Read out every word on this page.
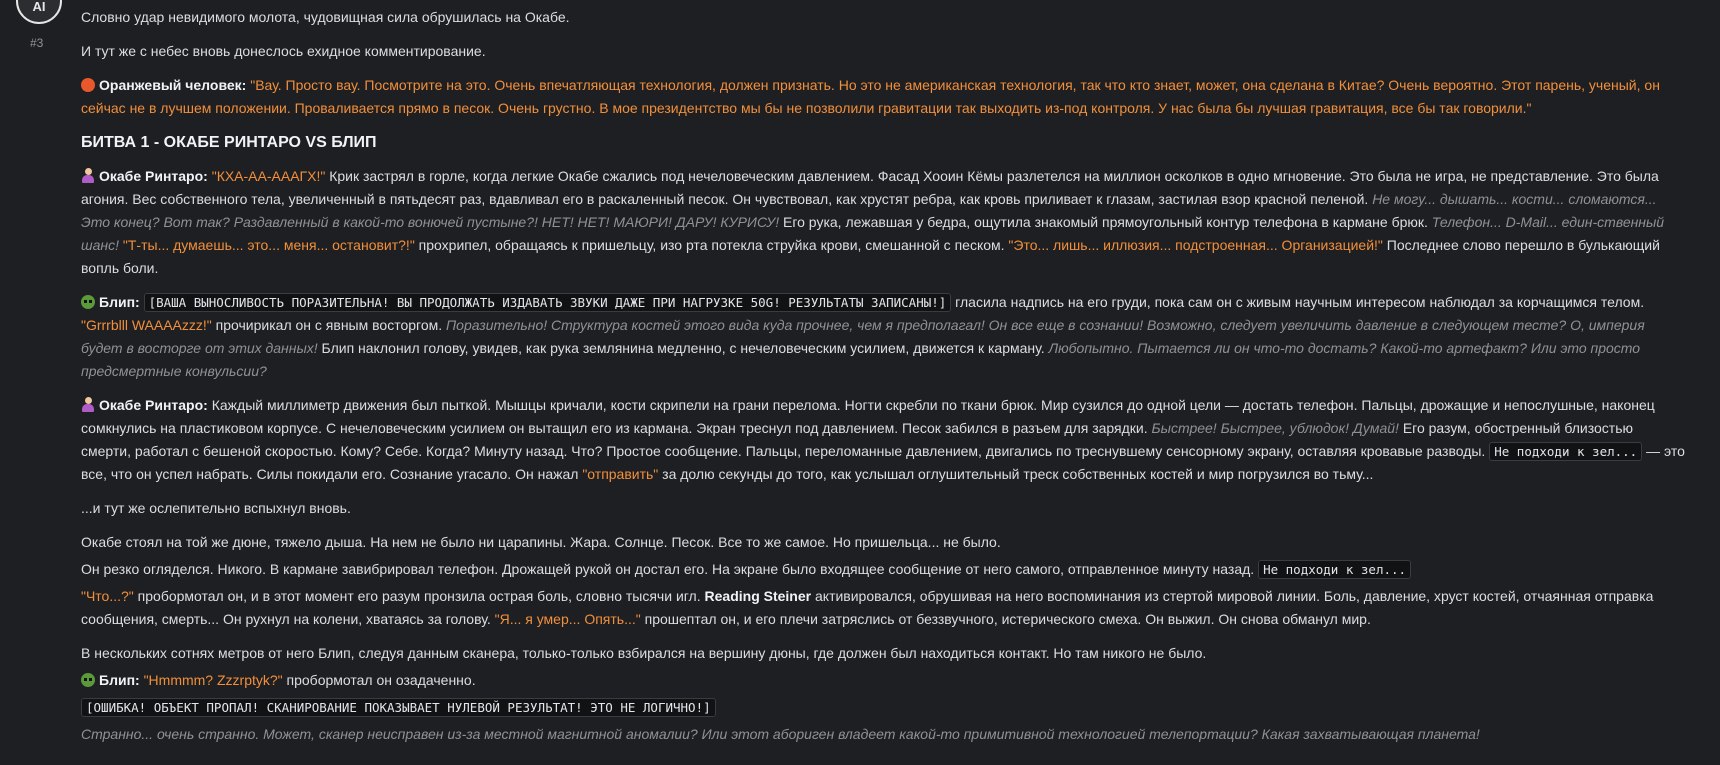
AI
#3

Словно удар невидимого молота, чудовищная сила обрушилась на Окабе.

И тут же с небес вновь донеслось ехидное комментирование.

Оранжевый человек: "Вау. Просто вау. Посмотрите на это. Очень впечатляющая технология, должен признать. Но это не американская технология, так что кто знает, может, она сделана в Китае? Очень вероятно. Этот парень, ученый, он сейчас не в лучшем положении. Проваливается прямо в песок. Очень грустно. В мое президентство мы бы не позволили гравитации так выходить из-под контроля. У нас была бы лучшая гравитация, все бы так говорили."

БИТВА 1 - ОКАБЕ РИНТАРО VS БЛИП

Окабе Ринтаро: "КХА-АА-АААГХ!" Крик застрял в горле, когда легкие Окабе сжались под нечеловеческим давлением. Фасад Хооин Кёмы разлетелся на миллион осколков в одно мгновение. Это была не игра, не представление. Это была агония. Вес собственного тела, увеличенный в пятьдесят раз, вдавливал его в раскаленный песок. Он чувствовал, как хрустят ребра, как кровь приливает к глазам, застилая взор красной пеленой. Не могу... дышать... кости... сломаются... Это конец? Вот так? Раздавленный в какой-то вонючей пустыне?! НЕТ! НЕТ! МАЮРИ! ДАРУ! КУРИСУ! Его рука, лежавшая у бедра, ощутила знакомый прямоугольный контур телефона в кармане брюк. Телефон... D-Mail... един-ственный шанс! "Т-ты... думаешь... это... меня... остановит?!" прохрипел, обращаясь к пришельцу, изо рта потекла струйка крови, смешанной с песком. "Это... лишь... иллюзия... подстроенная... Организацией!" Последнее слово перешло в булькающий вопль боли.

Блип: [ВАША ВЫНОСЛИВОСТЬ ПОРАЗИТЕЛЬНА! ВЫ ПРОДОЛЖАТЬ ИЗДАВАТЬ ЗВУКИ ДАЖЕ ПРИ НАГРУЗКЕ 50G! РЕЗУЛЬТАТЫ ЗАПИСАНЫ!] гласила надпись на его груди, пока сам он с живым научным интересом наблюдал за корчащимся телом. "Grrrblll WAAAAzzz!" прочирикал он с явным восторгом. Поразительно! Структура костей этого вида куда прочнее, чем я предполагал! Он все еще в сознании! Возможно, следует увеличить давление в следующем тесте? О, империя будет в восторге от этих данных! Блип наклонил голову, увидев, как рука землянина медленно, с нечеловеческим усилием, движется к карману. Любопытно. Пытается ли он что-то достать? Какой-то артефакт? Или это просто предсмертные конвульсии?

Окабе Ринтаро: Каждый миллиметр движения был пыткой. Мышцы кричали, кости скрипели на грани перелома. Ногти скребли по ткани брюк. Мир сузился до одной цели — достать телефон. Пальцы, дрожащие и непослушные, наконец сомкнулись на пластиковом корпусе. С нечеловеческим усилием он вытащил его из кармана. Экран треснул под давлением. Песок забился в разъем для зарядки. Быстрее! Быстрее, ублюдок! Думай! Его разум, обостренный близостью смерти, работал с бешеной скоростью. Кому? Себе. Когда? Минуту назад. Что? Простое сообщение. Пальцы, переломанные давлением, двигались по треснувшему сенсорному экрану, оставляя кровавые разводы. Не подходи к зел... — это все, что он успел набрать. Силы покидали его. Сознание угасало. Он нажал "отправить" за долю секунды до того, как услышал оглушительный треск собственных костей и мир погрузился во тьму...

...и тут же ослепительно вспыхнул вновь.

Окабе стоял на той же дюне, тяжело дыша. На нем не было ни царапины. Жара. Солнце. Песок. Все то же самое. Но пришельца... не было.

Он резко огляделся. Никого. В кармане завибрировал телефон. Дрожащей рукой он достал его. На экране было входящее сообщение от него самого, отправленное минуту назад. Не подходи к зел...

"Что...?" пробормотал он, и в этот момент его разум пронзила острая боль, словно тысячи игл. Reading Steiner активировался, обрушивая на него воспоминания из стертой мировой линии. Боль, давление, хруст костей, отчаянная отправка сообщения, смерть... Он рухнул на колени, хватаясь за голову. "Я... я умер... Опять..." прошептал он, и его плечи затряслись от беззвучного, истерического смеха. Он выжил. Он снова обманул мир.

В нескольких сотнях метров от него Блип, следуя данным сканера, только-только взбирался на вершину дюны, где должен был находиться контакт. Но там никого не было.

Блип: "Hmmmm? Zzzrptyk?" пробормотал он озадаченно.

[ОШИБКА! ОБЪЕКТ ПРОПАЛ! СКАНИРОВАНИЕ ПОКАЗЫВАЕТ НУЛЕВОЙ РЕЗУЛЬТАТ! ЭТО НЕ ЛОГИЧНО!]

Странно... очень странно. Может, сканер неисправен из-за местной магнитной аномалии? Или этот абориген владеет какой-то примитивной технологией телепортации? Какая захватывающая планета!
